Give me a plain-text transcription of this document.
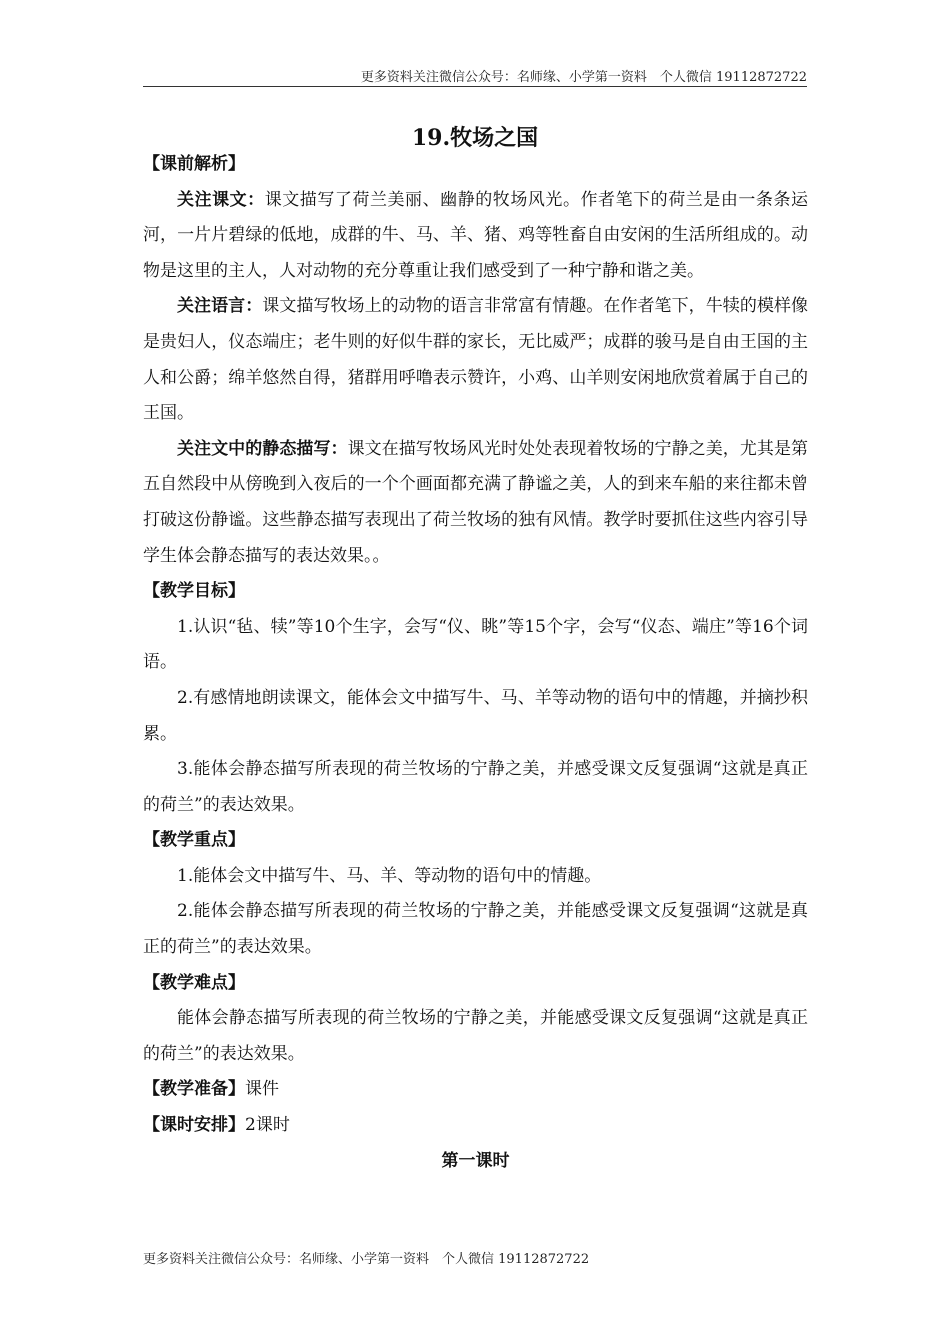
更多资料关注微信公众号：名师缘、小学第一资料　个人微信 19112872722
19.牧场之国

【课前解析】

关注课文：课文描写了荷兰美丽、幽静的牧场风光。作者笔下的荷兰是由一条条运河，一片片碧绿的低地，成群的牛、马、羊、猪、鸡等牲畜自由安闲的生活所组成的。动物是这里的主人，人对动物的充分尊重让我们感受到了一种宁静和谐之美。

关注语言：课文描写牧场上的动物的语言非常富有情趣。在作者笔下，牛犊的模样像是贵妇人，仪态端庄；老牛则的好似牛群的家长，无比威严；成群的骏马是自由王国的主人和公爵；绵羊悠然自得，猪群用呼噜表示赞许，小鸡、山羊则安闲地欣赏着属于自己的王国。

关注文中的静态描写：课文在描写牧场风光时处处表现着牧场的宁静之美，尤其是第五自然段中从傍晚到入夜后的一个个画面都充满了静谧之美，人的到来车船的来往都未曾打破这份静谧。这些静态描写表现出了荷兰牧场的独有风情。教学时要抓住这些内容引导学生体会静态描写的表达效果。。

【教学目标】

1.认识“毡、犊”等10个生字，会写“仪、眺”等15个字，会写“仪态、端庄”等16个词语。

2.有感情地朗读课文，能体会文中描写牛、马、羊等动物的语句中的情趣，并摘抄积累。

3.能体会静态描写所表现的荷兰牧场的宁静之美，并感受课文反复强调“这就是真正的荷兰”的表达效果。

【教学重点】

1.能体会文中描写牛、马、羊、等动物的语句中的情趣。

2.能体会静态描写所表现的荷兰牧场的宁静之美，并能感受课文反复强调“这就是真正的荷兰”的表达效果。

【教学难点】

能体会静态描写所表现的荷兰牧场的宁静之美，并能感受课文反复强调“这就是真正的荷兰”的表达效果。

【教学准备】课件

【课时安排】2课时

第一课时

更多资料关注微信公众号：名师缘、小学第一资料　个人微信 19112872722
